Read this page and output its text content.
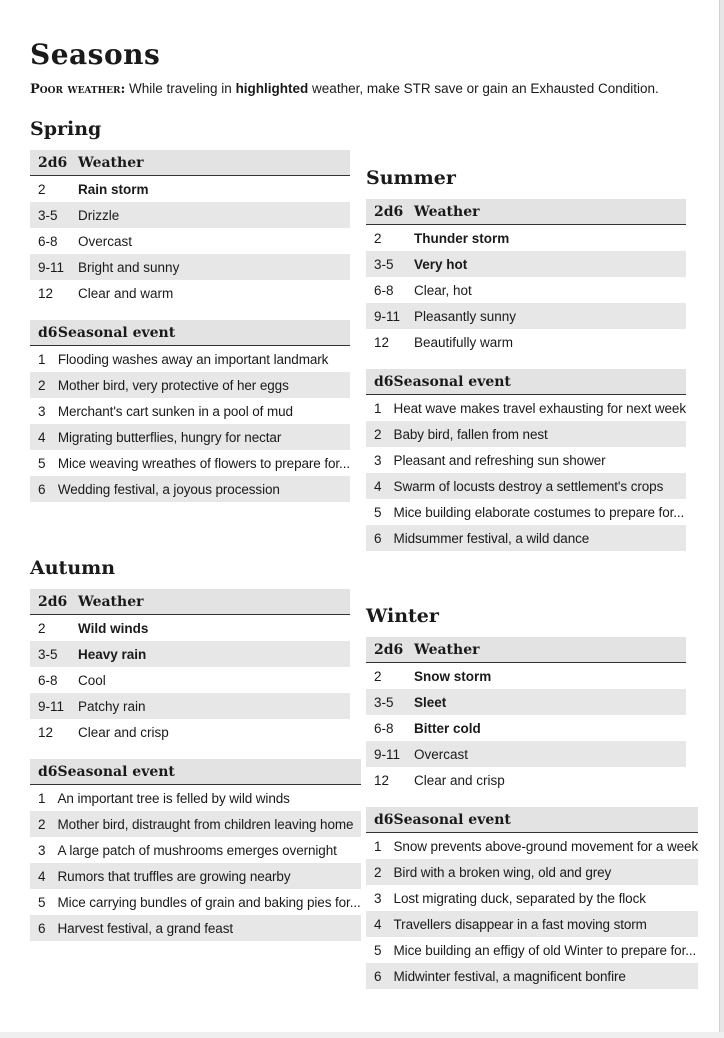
Seasons
Poor weather: While traveling in highlighted weather, make STR save or gain an Exhausted Condition.
Spring
2d6	Weather
2	Rain storm
3-5	Drizzle
6-8	Overcast
9-11	Bright and sunny
12	Clear and warm
d6	Seasonal event
1	Flooding washes away an important landmark
2	Mother bird, very protective of her eggs
3	Merchant's cart sunken in a pool of mud
4	Migrating butterflies, hungry for nectar
5	Mice weaving wreathes of flowers to prepare for...
6	Wedding festival, a joyous procession
Summer
2d6	Weather
2	Thunder storm
3-5	Very hot
6-8	Clear, hot
9-11	Pleasantly sunny
12	Beautifully warm
d6	Seasonal event
1	Heat wave makes travel exhausting for next week
2	Baby bird, fallen from nest
3	Pleasant and refreshing sun shower
4	Swarm of locusts destroy a settlement's crops
5	Mice building elaborate costumes to prepare for...
6	Midsummer festival, a wild dance
Autumn
2d6	Weather
2	Wild winds
3-5	Heavy rain
6-8	Cool
9-11	Patchy rain
12	Clear and crisp
d6	Seasonal event
1	An important tree is felled by wild winds
2	Mother bird, distraught from children leaving home
3	A large patch of mushrooms emerges overnight
4	Rumors that truffles are growing nearby
5	Mice carrying bundles of grain and baking pies for...
6	Harvest festival, a grand feast
Winter
2d6	Weather
2	Snow storm
3-5	Sleet
6-8	Bitter cold
9-11	Overcast
12	Clear and crisp
d6	Seasonal event
1	Snow prevents above-ground movement for a week
2	Bird with a broken wing, old and grey
3	Lost migrating duck, separated by the flock
4	Travellers disappear in a fast moving storm
5	Mice building an effigy of old Winter to prepare for...
6	Midwinter festival, a magnificent bonfire
